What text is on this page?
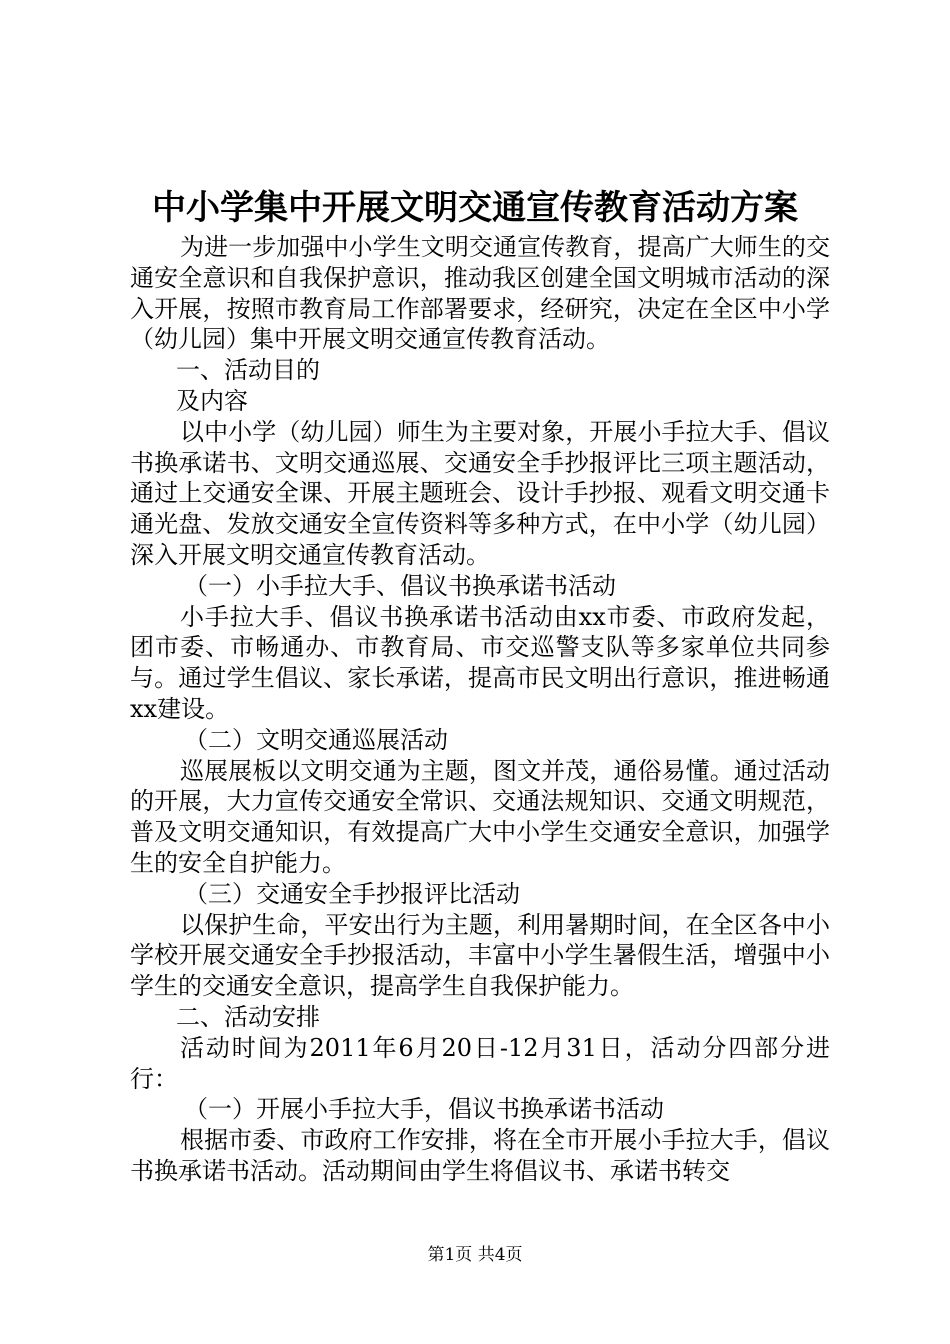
中小学集中开展文明交通宣传教育活动方案

为进一步加强中小学生文明交通宣传教育，提高广大师生的交通安全意识和自我保护意识，推动我区创建全国文明城市活动的深入开展，按照市教育局工作部署要求，经研究，决定在全区中小学（幼儿园）集中开展文明交通宣传教育活动。

一、活动目的

及内容

以中小学（幼儿园）师生为主要对象，开展小手拉大手、倡议书换承诺书、文明交通巡展、交通安全手抄报评比三项主题活动，通过上交通安全课、开展主题班会、设计手抄报、观看文明交通卡通光盘、发放交通安全宣传资料等多种方式，在中小学（幼儿园）深入开展文明交通宣传教育活动。

（一）小手拉大手、倡议书换承诺书活动

小手拉大手、倡议书换承诺书活动由xx市委、市政府发起，团市委、市畅通办、市教育局、市交巡警支队等多家单位共同参与。通过学生倡议、家长承诺，提高市民文明出行意识，推进畅通xx建设。

（二）文明交通巡展活动

巡展展板以文明交通为主题，图文并茂，通俗易懂。通过活动的开展，大力宣传交通安全常识、交通法规知识、交通文明规范，普及文明交通知识，有效提高广大中小学生交通安全意识，加强学生的安全自护能力。

（三）交通安全手抄报评比活动

以保护生命，平安出行为主题，利用暑期时间，在全区各中小学校开展交通安全手抄报活动，丰富中小学生暑假生活，增强中小学生的交通安全意识，提高学生自我保护能力。

二、活动安排

活动时间为2011年6月20日-12月31日，活动分四部分进行：

（一）开展小手拉大手，倡议书换承诺书活动

根据市委、市政府工作安排，将在全市开展小手拉大手，倡议书换承诺书活动。活动期间由学生将倡议书、承诺书转交

第1页 共4页
